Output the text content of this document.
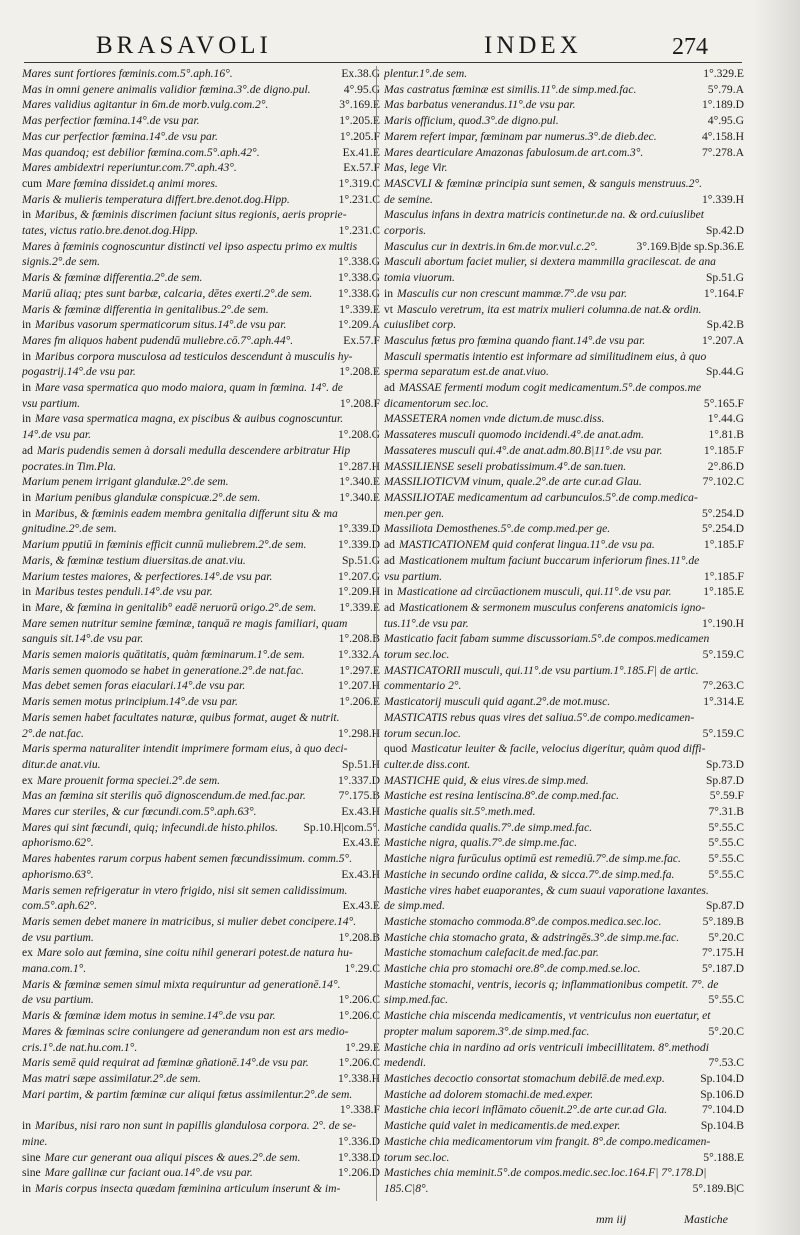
BRASAVOLI	INDEX	274
Mares sunt fortiores fœminis.com.5°.aph.16°.	Ex.38.G
Mas in omni genere animalis validior fœmina.3°.de digno.pul.	4°.95.G
Mares validius agitantur in 6m.de morb.vulg.com.2°.	3°.169.E
Mas perfectior fœmina.14°.de vsu par.	1°.205.E
Mas cur perfectior fœmina.14°.de vsu par.	1°.205.F
Mas quandoq; est debilior fœmina.com.5°.aph.42°.	Ex.41.E
Mares ambidextri reperiuntur.com.7°.aph.43°.	Ex.57.F
cum Mare fœmina dissidet.q animi mores.	1°.319.C
Maris & mulieris temperatura differt.bre.denot.dog.Hipp.	1°.231.C
in Maribus, & fœminis discrimen faciunt situs regionis, aeris proprie-
tates, victus ratio.bre.denot.dog.Hipp.	1°.231.C
Mares à fœminis cognoscuntur distincti vel ipso aspectu primo ex multis
signis.2°.de sem.	1°.338.G
Maris & fœminæ differentia.2°.de sem.	1°.338.G
Mariū aliaq; ptes sunt barbæ, calcaria, dētes exerti.2°.de sem. 1°.338.G
Maris & fœminæ differentia in genitalibus.2°.de sem.	1°.339.E
in Maribus vasorum spermaticorum situs.14°.de vsu par.	1°.209.A
Mares fm aliquos habent pudendū muliebre.cō.7°.aph.44°.	Ex.57.F
in Maribus corpora musculosa ad testiculos descendunt à musculis hy-
pogastrij.14°.de vsu par.	1°.208.E
in Mare vasa spermatica quo modo maiora, quam in fœmina. 14°. de
vsu partium.	1°.208.F
in Mare vasa spermatica magna, ex piscibus & auibus cognoscuntur.
14°.de vsu par.	1°.208.G
ad Maris pudendis semen à dorsali medulla descendere arbitratur Hip
pocrates.in Tim.Pla.	1°.287.H
Marium penem irrigant glandulæ.2°.de sem.	1°.340.E
in Marium penibus glandulæ conspicuæ.2°.de sem.	1°.340.E
in Maribus, & fœminis eadem membra genitalia differunt situ & ma
gnitudine.2°.de sem.	1°.339.D
Marium pputiū in fœminis efficit cunnū muliebrem.2°.de sem.	1°.339.D
Maris, & fœminæ testium diuersitas.de anat.viu.	Sp.51.G
Marium testes maiores, & perfectiores.14°.de vsu par.	1°.207.G
in Maribus testes penduli.14°.de vsu par.	1°.209.H
in Mare, & fœmina in genitalib° eadē neruorū origo.2°.de sem. 1°.339.E
Mare semen nutritur semine fœminæ, tanquā re magis familiari, quam
sanguis sit.14°.de vsu par.	1°.208.B
Maris semen maioris quātitatis, quàm fœminarum.1°.de sem.	1°.332.A
Maris semen quomodo se habet in generatione.2°.de nat.fac.	1°.297.E
Mas debet semen foras eiaculari.14°.de vsu par.	1°.207.H
Maris semen motus principium.14°.de vsu par.	1°.206.E
Maris semen habet facultates naturæ, quibus format, auget & nutrit.
2°.de nat.fac.	1°.298.H
Maris sperma naturaliter intendit imprimere formam eius, à quo deci-
ditur.de anat.viu.	Sp.51.H
ex Mare prouenit forma speciei.2°.de sem.	1°.337.D
Mas an fœmina sit sterilis quō dignoscendum.de med.fac.par.	7°.175.B
Mares cur steriles, & cur fœcundi.com.5°.aph.63°.	Ex.43.H
Mares qui sint fœcundi, quiq; infecundi.de histo.philos. Sp.10.H|com.5°.
aphorismo.62°.	Ex.43.E
Mares habentes rarum corpus habent semen fœcundissimum. comm.5°.
aphorismo.63°.	Ex.43.H
Maris semen refrigeratur in vtero frigido, nisi sit semen calidissimum.
com.5°.aph.62°.	Ex.43.E
Maris semen debet manere in matricibus, si mulier debet concipere.14°.
de vsu partium.	1°.208.B
ex Mare solo aut fœmina, sine coitu nihil generari potest.de natura hu-
mana.com.1°.	1°.29.C
Maris & fœminæ semen simul mixta requiruntur ad generationē.14°.
de vsu partium.	1°.206.C
Maris & fœminæ idem motus in semine.14°.de vsu par.	1°.206.C
Mares & fœminas scire coniungere ad generandum non est ars medio-
cris.1°.de nat.hu.com.1°.	1°.29.E
Maris semē quid requirat ad fœminæ gñationē.14°.de vsu par.	1°.206.C
Mas matri sæpe assimilatur.2°.de sem.	1°.338.H
Mari partim, & partim fœminæ cur aliqui fœtus assimilentur.2°.de sem.
1°.338.F
in Maribus, nisi raro non sunt in papillis glandulosa corpora. 2°. de se-
mine.	1°.336.D
sine Mare cur generant oua aliqui pisces & aues.2°.de sem.	1°.338.D
sine Mare gallinæ cur faciant oua.14°.de vsu par.	1°.206.D
in Maris corpus insecta quædam fœminina articulum inserunt & im-
plentur.1°.de sem.	1°.329.E
Mas castratus fœminæ est similis.11°.de simp.med.fac.	5°.79.A
Mas barbatus venerandus.11°.de vsu par.	1°.189.D
Maris officium, quod.3°.de digno.pul.	4°.95.G
Marem refert impar, fœminam par numerus.3°.de dieb.dec.	4°.158.H
Mares dearticulare Amazonas fabulosum.de art.com.3°.	7°.278.A
Mas, lege Vir.
MASCVLI & fœminæ principia sunt semen, & sanguis menstruus.2°.
de semine.	1°.339.H
Masculus infans in dextra matricis continetur.de na. & ord.cuiuslibet
corporis.	Sp.42.D
Masculus cur in dextris.in 6m.de mor.vul.c.2°.	3°.169.B|de sp.Sp.36.E
Masculi abortum faciet mulier, si dextera mammilla gracilescat. de ana
tomia viuorum.	Sp.51.G
in Masculis cur non crescunt mammæ.7°.de vsu par.	1°.164.F
vt Masculo veretrum, ita est matrix mulieri columna.de nat.& ordin.
cuiuslibet corp.	Sp.42.B
Masculus fœtus pro fœmina quando fiant.14°.de vsu par.	1°.207.A
Masculi spermatis intentio est informare ad similitudinem eius, à quo
sperma separatum est.de anat.viuo.	Sp.44.G
ad MASSAE fermenti modum cogit medicamentum.5°.de compos.me
dicamentorum sec.loc.	5°.165.F
MASSETERA nomen vnde dictum.de musc.diss.	1°.44.G
Massateres musculi quomodo incidendi.4°.de anat.adm.	1°.81.B
Massateres musculi qui.4°.de anat.adm.80.B|11°.de vsu par.	1°.185.F
MASSILIENSE seseli probatissimum.4°.de san.tuen.	2°.86.D
MASSILIOTICVM vinum, quale.2°.de arte cur.ad Glau.	7°.102.C
MASSILIOTAE medicamentum ad carbunculos.5°.de comp.medica-
men.per gen.	5°.254.D
Massiliota Demosthenes.5°.de comp.med.per ge.	5°.254.D
ad MASTICATIONEM quid conferat lingua.11°.de vsu pa.	1°.185.F
ad Masticationem multum faciunt buccarum inferiorum fines.11°.de
vsu partium.	1°.185.F
in Masticatione ad circūactionem musculi, qui.11°.de vsu par.	1°.185.E
ad Masticationem & sermonem musculus conferens anatomicis igno-
tus.11°.de vsu par.	1°.190.H
Masticatio facit fabam summe discussoriam.5°.de compos.medicamen
torum sec.loc.	5°.159.C
MASTICATORII musculi, qui.11°.de vsu partium.1°.185.F| de artic.
commentario 2°.	7°.263.C
Masticatorij musculi quid agant.2°.de mot.musc.	1°.314.E
MASTICATIS rebus quas vires det saliua.5°.de compo.medicamen-
torum secun.loc.	5°.159.C
quod Masticatur leuiter & facile, velocius digeritur, quàm quod diffi-
culter.de diss.cont.	Sp.73.D
MASTICHE quid, & eius vires.de simp.med.	Sp.87.D
Mastiche est resina lentiscina.8°.de comp.med.fac.	5°.59.F
Mastiche qualis sit.5°.meth.med.	7°.31.B
Mastiche candida qualis.7°.de simp.med.fac.	5°.55.C
Mastiche nigra, qualis.7°.de simp.me.fac.	5°.55.C
Mastiche nigra furūculus optimū est remediū.7°.de simp.me.fac. 5°.55.C
Mastiche in secundo ordine calida, & sicca.7°.de simp.med.fa.	5°.55.C
Mastiche vires habet euaporantes, & cum suaui vaporatione laxantes.
de simp.med.	Sp.87.D
Mastiche stomacho commoda.8°.de compos.medica.sec.loc.	5°.189.B
Mastiche chia stomacho grata, & adstringēs.3°.de simp.me.fac.	5°.20.C
Mastiche stomachum calefacit.de med.fac.par.	7°.175.H
Mastiche chia pro stomachi ore.8°.de comp.med.se.loc.	5°.187.D
Mastiche stomachi, ventris, iecoris q; inflammationibus competit. 7°. de
simp.med.fac.	5°.55.C
Mastiche chia miscenda medicamentis, vt ventriculus non euertatur, et
propter malum saporem.3°.de simp.med.fac.	5°.20.C
Mastiche chia in nardino ad oris ventriculi imbecillitatem. 8°.methodi
medendi.	7°.53.C
Mastiches decoctio consortat stomachum debilē.de med.exp.	Sp.104.D
Mastiche ad dolorem stomachi.de med.exper.	Sp.106.D
Mastiche chia iecori inflāmato cōuenit.2°.de arte cur.ad Gla.	7°.104.D
Mastiche quid valet in medicamentis.de med.exper.	Sp.104.B
Mastiche chia medicamentorum vim frangit. 8°.de compo.medicamen-
torum sec.loc.	5°.188.E
Mastiches chia meminit.5°.de compos.medic.sec.loc.164.F| 7°.178.D|
185.C|8°.	5°.189.B|C
mm iij	Mastiche
